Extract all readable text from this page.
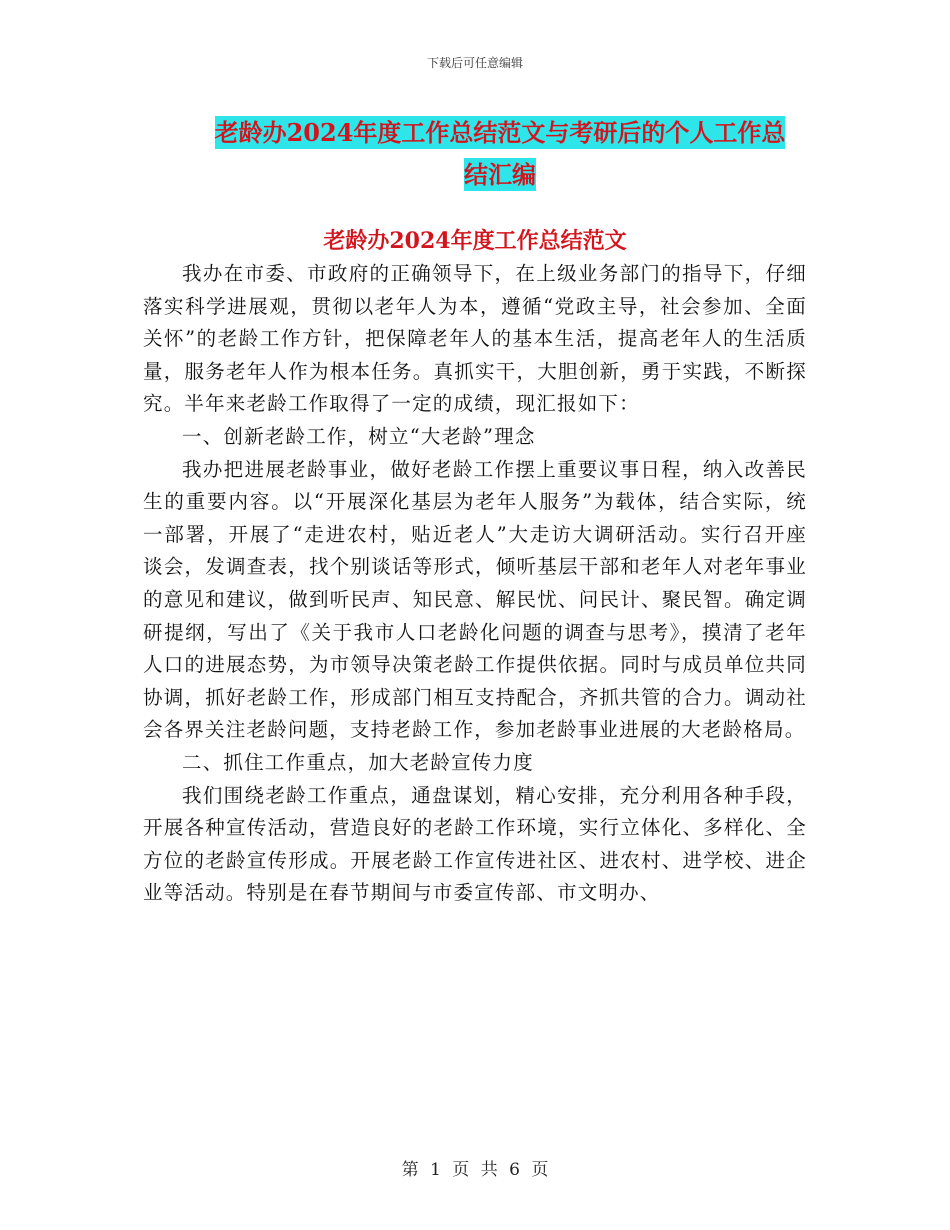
下载后可任意编辑
老龄办2024年度工作总结范文与考研后的个人工作总
结汇编
老龄办2024年度工作总结范文

我办在市委、市政府的正确领导下，在上级业务部门的指导下，仔细落实科学进展观，贯彻以老年人为本，遵循“党政主导，社会参加、全面关怀”的老龄工作方针，把保障老年人的基本生活，提高老年人的生活质量，服务老年人作为根本任务。真抓实干，大胆创新，勇于实践，不断探究。半年来老龄工作取得了一定的成绩，现汇报如下：

一、创新老龄工作，树立“大老龄”理念

我办把进展老龄事业，做好老龄工作摆上重要议事日程，纳入改善民生的重要内容。以“开展深化基层为老年人服务”为载体，结合实际，统一部署，开展了“走进农村，贴近老人”大走访大调研活动。实行召开座谈会，发调查表，找个别谈话等形式，倾听基层干部和老年人对老年事业的意见和建议，做到听民声、知民意、解民忧、问民计、聚民智。确定调研提纲，写出了《关于我市人口老龄化问题的调查与思考》，摸清了老年人口的进展态势，为市领导决策老龄工作提供依据。同时与成员单位共同协调，抓好老龄工作，形成部门相互支持配合，齐抓共管的合力。调动社会各界关注老龄问题，支持老龄工作，参加老龄事业进展的大老龄格局。

二、抓住工作重点，加大老龄宣传力度

我们围绕老龄工作重点，通盘谋划，精心安排，充分利用各种手段，开展各种宣传活动，营造良好的老龄工作环境，实行立体化、多样化、全方位的老龄宣传形成。开展老龄工作宣传进社区、进农村、进学校、进企业等活动。特别是在春节期间与市委宣传部、市文明办、

第 1 页 共 6 页
